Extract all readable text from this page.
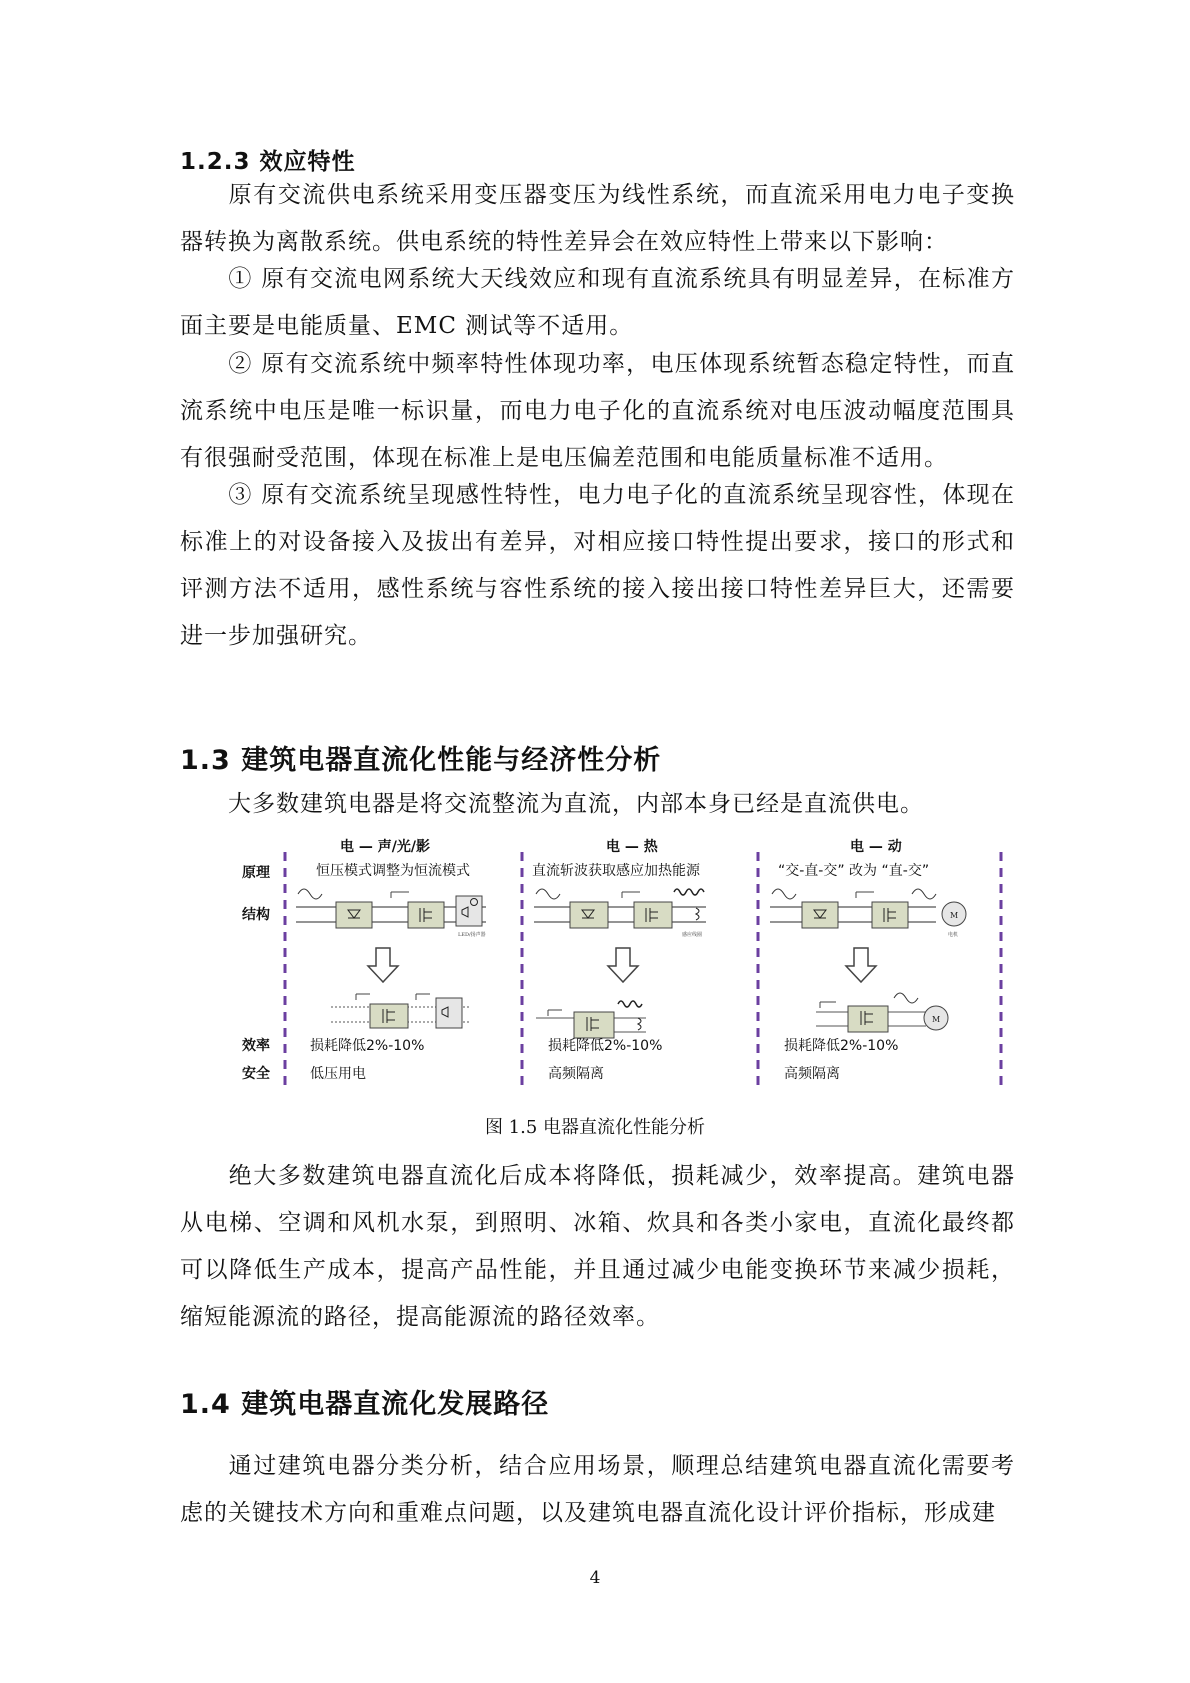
1.2.3 效应特性

原有交流供电系统采用变压器变压为线性系统，而直流采用电力电子变换器转换为离散系统。供电系统的特性差异会在效应特性上带来以下影响：

① 原有交流电网系统大天线效应和现有直流系统具有明显差异，在标准方面主要是电能质量、EMC 测试等不适用。

② 原有交流系统中频率特性体现功率，电压体现系统暂态稳定特性，而直流系统中电压是唯一标识量，而电力电子化的直流系统对电压波动幅度范围具有很强耐受范围，体现在标准上是电压偏差范围和电能质量标准不适用。

③ 原有交流系统呈现感性特性，电力电子化的直流系统呈现容性，体现在标准上的对设备接入及拔出有差异，对相应接口特性提出要求，接口的形式和评测方法不适用，感性系统与容性系统的接入接出接口特性差异巨大，还需要进一步加强研究。

1.3 建筑电器直流化性能与经济性分析

大多数建筑电器是将交流整流为直流，内部本身已经是直流供电。

LED/扬声器	感应线圈
M
电机
M
原理
结构
效率
安全
电 — 声/光/影
恒压模式调整为恒流模式
损耗降低2%-10%
低压用电
电 — 热
直流斩波获取感应加热能源
损耗降低2%-10%
高频隔离
电 — 动
“交-直-交” 改为 “直-交”
损耗降低2%-10%
高频隔离
图 1.5 电器直流化性能分析

绝大多数建筑电器直流化后成本将降低，损耗减少，效率提高。建筑电器从电梯、空调和风机水泵，到照明、冰箱、炊具和各类小家电，直流化最终都可以降低生产成本，提高产品性能，并且通过减少电能变换环节来减少损耗，缩短能源流的路径，提高能源流的路径效率。

1.4 建筑电器直流化发展路径

通过建筑电器分类分析，结合应用场景，顺理总结建筑电器直流化需要考虑的关键技术方向和重难点问题，以及建筑电器直流化设计评价指标，形成建

4
